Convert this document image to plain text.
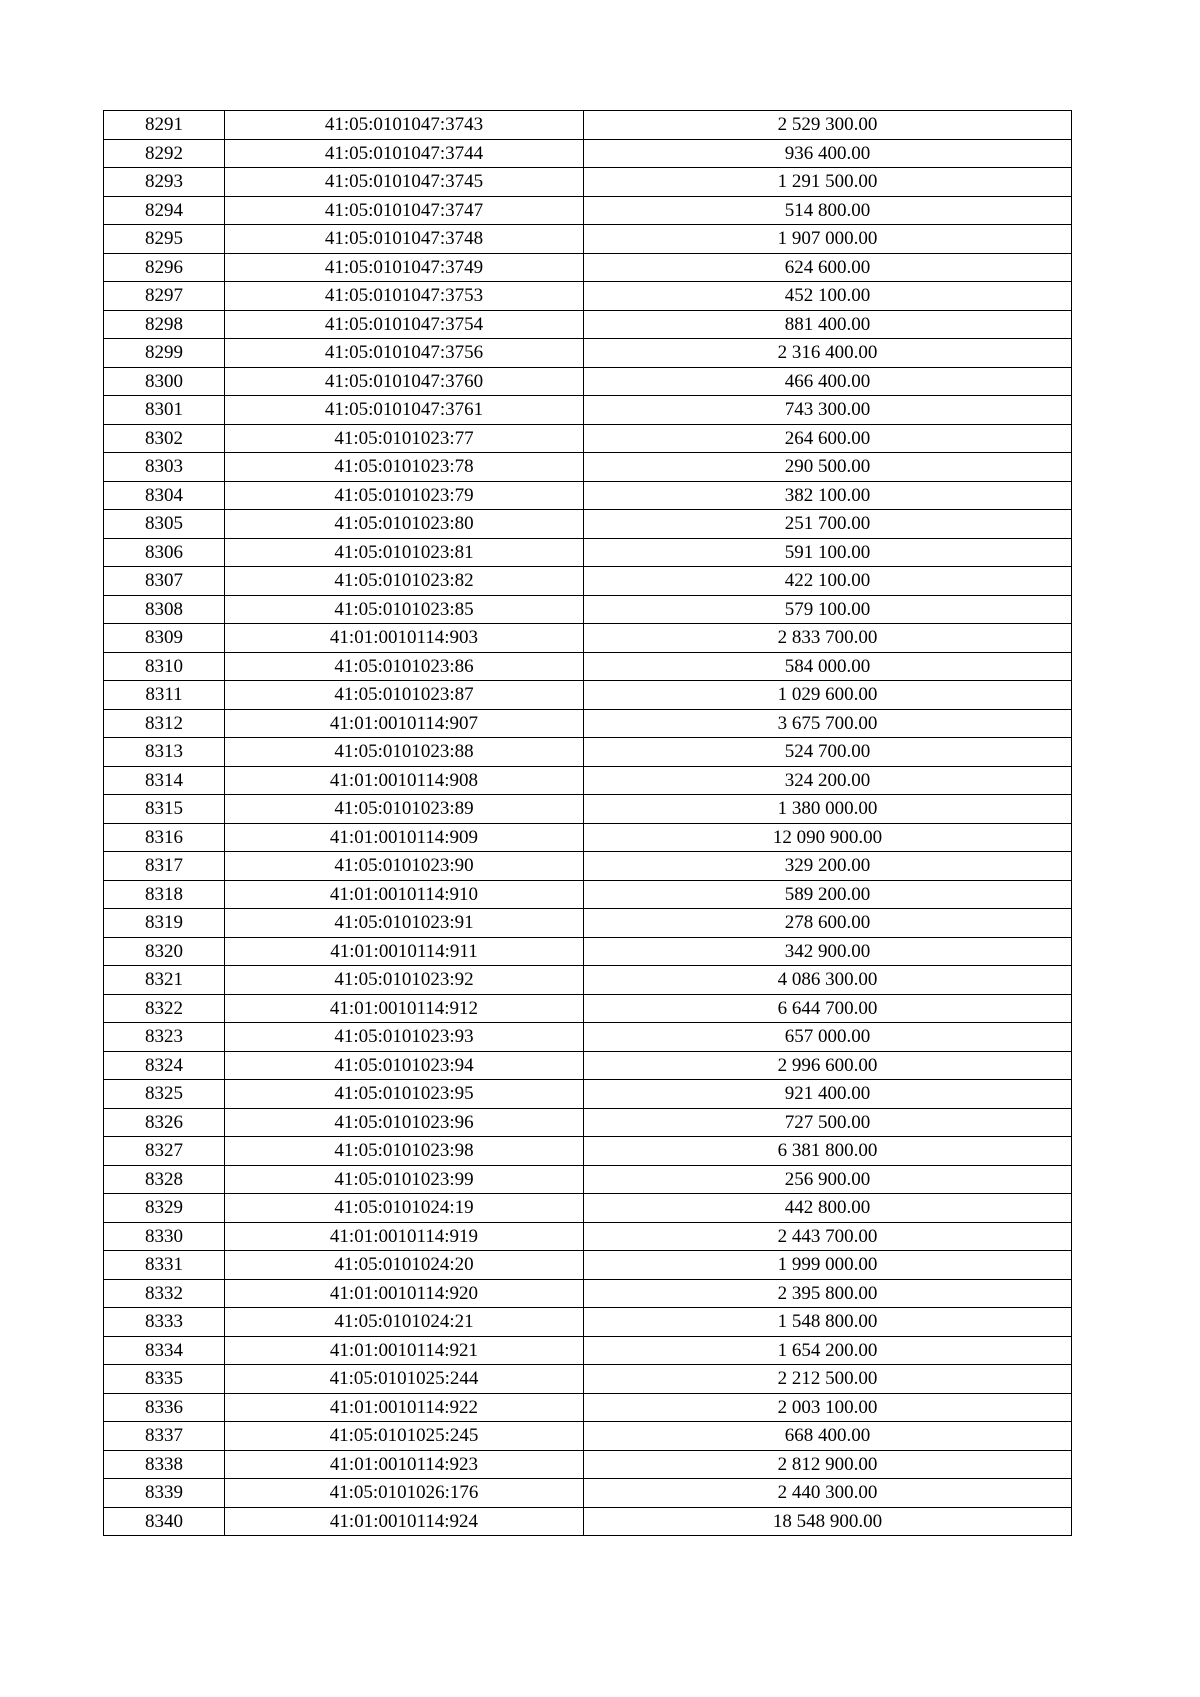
8291	41:05:0101047:3743	2 529 300.00
8292	41:05:0101047:3744	936 400.00
8293	41:05:0101047:3745	1 291 500.00
8294	41:05:0101047:3747	514 800.00
8295	41:05:0101047:3748	1 907 000.00
8296	41:05:0101047:3749	624 600.00
8297	41:05:0101047:3753	452 100.00
8298	41:05:0101047:3754	881 400.00
8299	41:05:0101047:3756	2 316 400.00
8300	41:05:0101047:3760	466 400.00
8301	41:05:0101047:3761	743 300.00
8302	41:05:0101023:77	264 600.00
8303	41:05:0101023:78	290 500.00
8304	41:05:0101023:79	382 100.00
8305	41:05:0101023:80	251 700.00
8306	41:05:0101023:81	591 100.00
8307	41:05:0101023:82	422 100.00
8308	41:05:0101023:85	579 100.00
8309	41:01:0010114:903	2 833 700.00
8310	41:05:0101023:86	584 000.00
8311	41:05:0101023:87	1 029 600.00
8312	41:01:0010114:907	3 675 700.00
8313	41:05:0101023:88	524 700.00
8314	41:01:0010114:908	324 200.00
8315	41:05:0101023:89	1 380 000.00
8316	41:01:0010114:909	12 090 900.00
8317	41:05:0101023:90	329 200.00
8318	41:01:0010114:910	589 200.00
8319	41:05:0101023:91	278 600.00
8320	41:01:0010114:911	342 900.00
8321	41:05:0101023:92	4 086 300.00
8322	41:01:0010114:912	6 644 700.00
8323	41:05:0101023:93	657 000.00
8324	41:05:0101023:94	2 996 600.00
8325	41:05:0101023:95	921 400.00
8326	41:05:0101023:96	727 500.00
8327	41:05:0101023:98	6 381 800.00
8328	41:05:0101023:99	256 900.00
8329	41:05:0101024:19	442 800.00
8330	41:01:0010114:919	2 443 700.00
8331	41:05:0101024:20	1 999 000.00
8332	41:01:0010114:920	2 395 800.00
8333	41:05:0101024:21	1 548 800.00
8334	41:01:0010114:921	1 654 200.00
8335	41:05:0101025:244	2 212 500.00
8336	41:01:0010114:922	2 003 100.00
8337	41:05:0101025:245	668 400.00
8338	41:01:0010114:923	2 812 900.00
8339	41:05:0101026:176	2 440 300.00
8340	41:01:0010114:924	18 548 900.00
